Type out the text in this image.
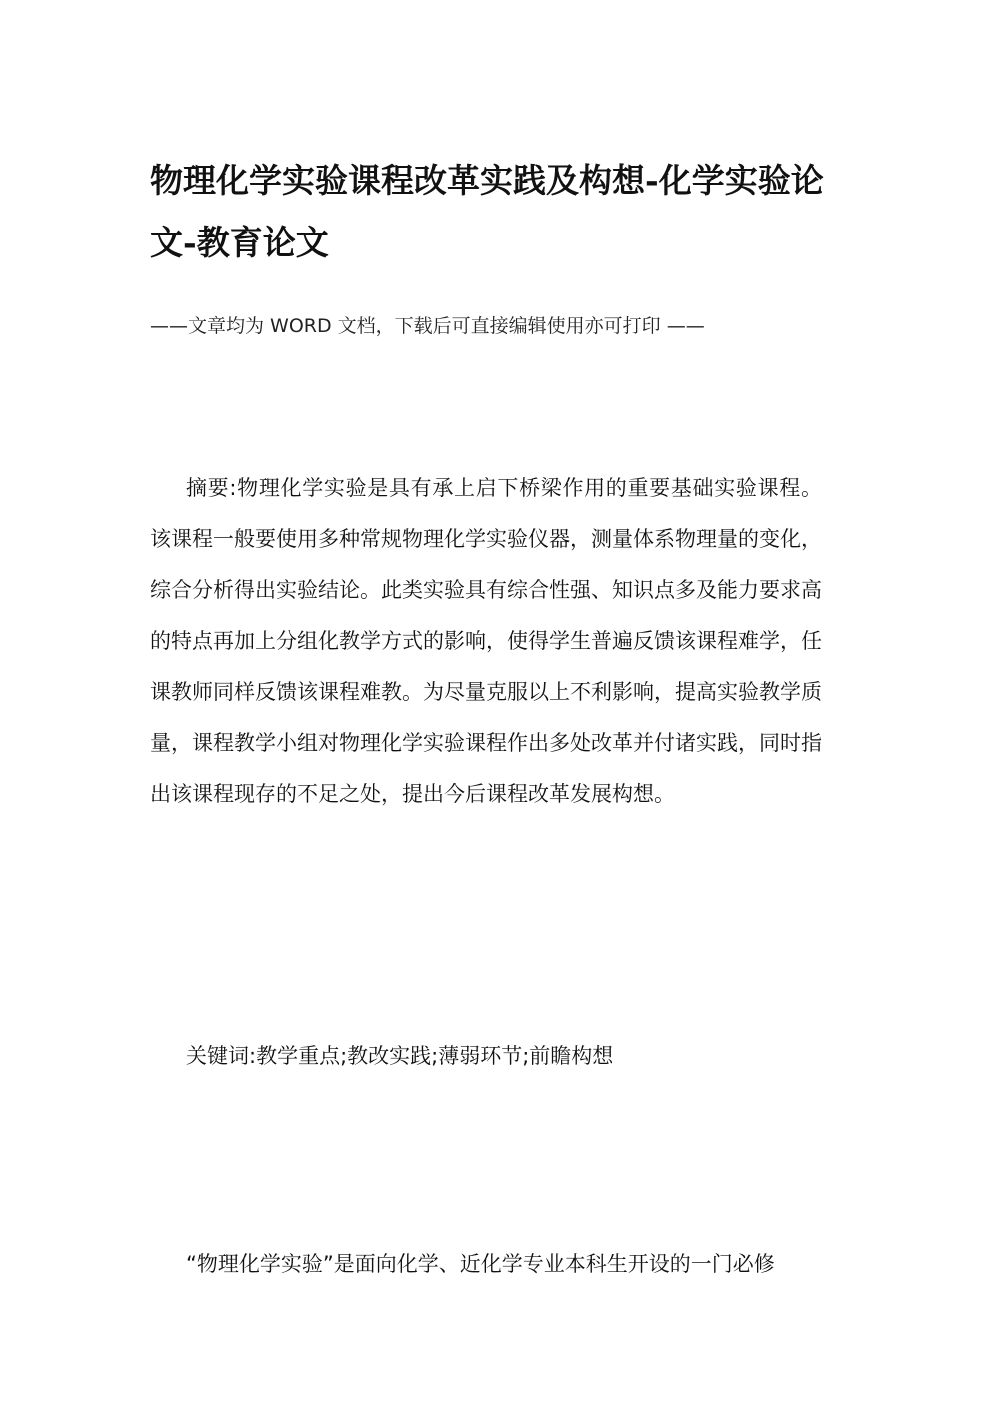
物理化学实验课程改革实践及构想-化学实验论文-教育论文

——文章均为 WORD 文档，下载后可直接编辑使用亦可打印 ——

摘要:物理化学实验是具有承上启下桥梁作用的重要基础实验课程。该课程一般要使用多种常规物理化学实验仪器，测量体系物理量的变化，综合分析得出实验结论。此类实验具有综合性强、知识点多及能力要求高的特点再加上分组化教学方式的影响，使得学生普遍反馈该课程难学，任课教师同样反馈该课程难教。为尽量克服以上不利影响，提高实验教学质量，课程教学小组对物理化学实验课程作出多处改革并付诸实践，同时指出该课程现存的不足之处，提出今后课程改革发展构想。

关键词:教学重点;教改实践;薄弱环节;前瞻构想

“物理化学实验”是面向化学、近化学专业本科生开设的一门必修
